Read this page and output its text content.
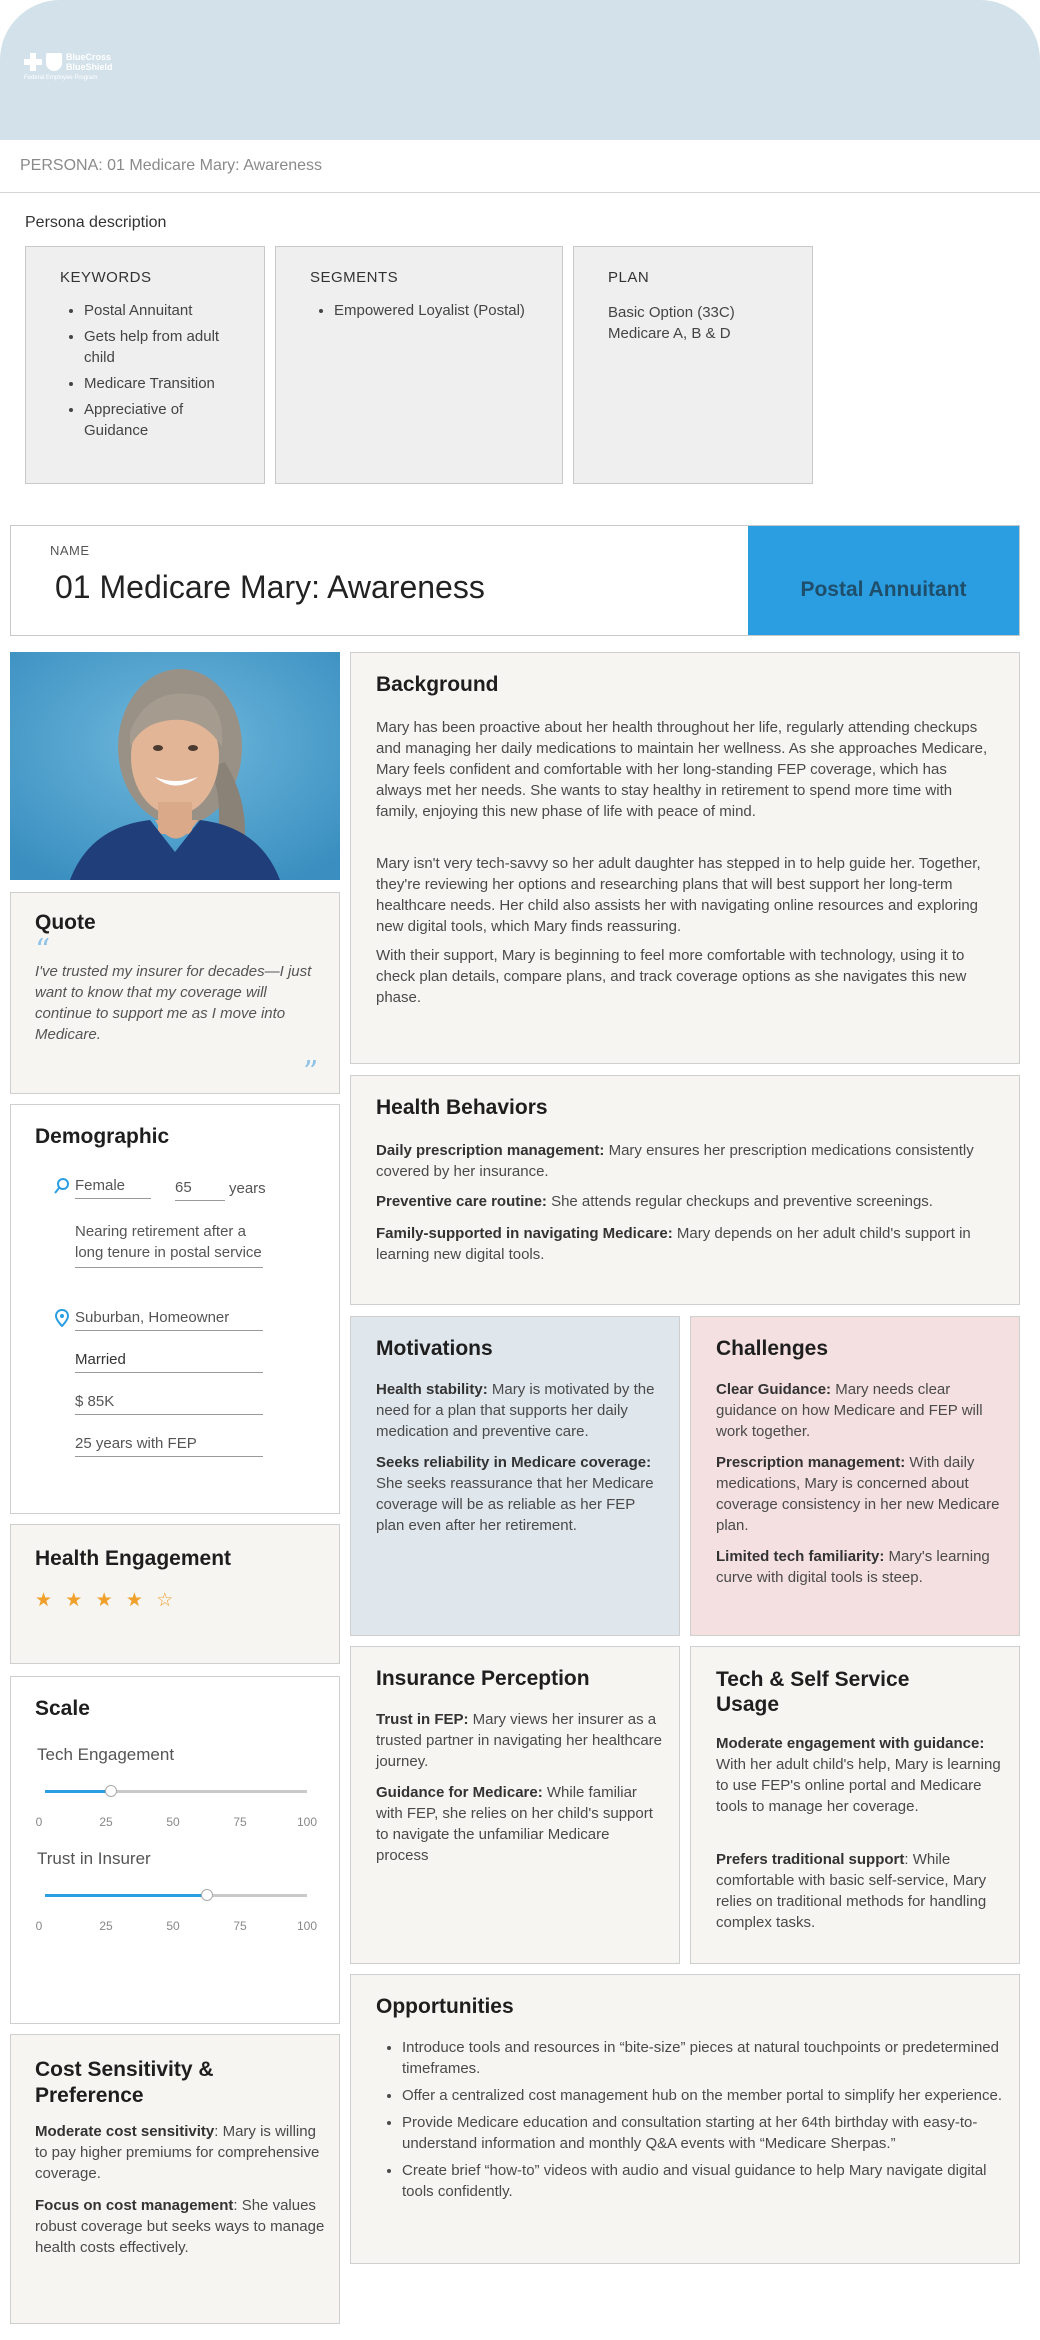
BlueCross
BlueShield
Federal Employee Program.
PERSONA: 01 Medicare Mary: Awareness
Persona description
KEYWORDS
• Postal Annuitant
• Gets help from adult child
• Medicare Transition
• Appreciative of Guidance
SEGMENTS
• Empowered Loyalist (Postal)
PLAN
Basic Option (33C)
Medicare A, B & D
NAME
01 Medicare Mary: Awareness	Postal Annuitant
Quote
“
I've trusted my insurer for decades—I just want to know that my coverage will continue to support me as I move into Medicare.
”
Demographic
Female	65	years
Nearing retirement after a long tenure in postal service
Suburban, Homeowner
Married
$ 85K
25 years with FEP
Health Engagement
★ ★ ★ ★ ☆
Scale
Tech Engagement
0	25	50	75	100
Trust in Insurer
0	25	50	75	100
Cost Sensitivity & Preference
Moderate cost sensitivity: Mary is willing to pay higher premiums for comprehensive coverage.
Focus on cost management: She values robust coverage but seeks ways to manage health costs effectively.
Background
Mary has been proactive about her health throughout her life, regularly attending checkups and managing her daily medications to maintain her wellness. As she approaches Medicare, Mary feels confident and comfortable with her long-standing FEP coverage, which has always met her needs. She wants to stay healthy in retirement to spend more time with family, enjoying this new phase of life with peace of mind.
Mary isn't very tech-savvy so her adult daughter has stepped in to help guide her. Together, they're reviewing her options and researching plans that will best support her long-term healthcare needs. Her child also assists her with navigating online resources and exploring new digital tools, which Mary finds reassuring.
With their support, Mary is beginning to feel more comfortable with technology, using it to check plan details, compare plans, and track coverage options as she navigates this new phase.
Health Behaviors
Daily prescription management: Mary ensures her prescription medications consistently covered by her insurance.
Preventive care routine: She attends regular checkups and preventive screenings.
Family-supported in navigating Medicare: Mary depends on her adult child's support in learning new digital tools.
Motivations
Health stability: Mary is motivated by the need for a plan that supports her daily medication and preventive care.
Seeks reliability in Medicare coverage: She seeks reassurance that her Medicare coverage will be as reliable as her FEP plan even after her retirement.
Challenges
Clear Guidance: Mary needs clear guidance on how Medicare and FEP will work together.
Prescription management: With daily medications, Mary is concerned about coverage consistency in her new Medicare plan.
Limited tech familiarity: Mary's learning curve with digital tools is steep.
Insurance Perception
Trust in FEP: Mary views her insurer as a trusted partner in navigating her healthcare journey.
Guidance for Medicare: While familiar with FEP, she relies on her child's support to navigate the unfamiliar Medicare process
Tech & Self Service Usage
Moderate engagement with guidance: With her adult child's help, Mary is learning to use FEP's online portal and Medicare tools to manage her coverage.
Prefers traditional support: While comfortable with basic self-service, Mary relies on traditional methods for handling complex tasks.
Opportunities
• Introduce tools and resources in “bite-size” pieces at natural touchpoints or predetermined timeframes.
• Offer a centralized cost management hub on the member portal to simplify her experience.
• Provide Medicare education and consultation starting at her 64th birthday with easy-to-understand information and monthly Q&A events with “Medicare Sherpas.”
• Create brief “how-to” videos with audio and visual guidance to help Mary navigate digital tools confidently.
